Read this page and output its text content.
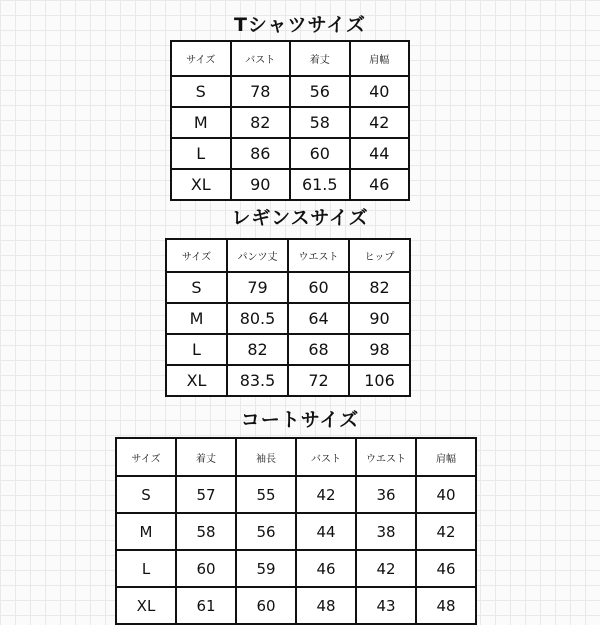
Tシャツサイズ
サイズ	バスト	着丈	肩幅
S	78	56	40
M	82	58	42
L	86	60	44
XL	90	61.5	46
レギンスサイズ
サイズ	パンツ丈	ウエスト	ヒップ
S	79	60	82
M	80.5	64	90
L	82	68	98
XL	83.5	72	106
コートサイズ
サイズ	着丈	袖長	バスト	ウエスト	肩幅
S	57	55	42	36	40
M	58	56	44	38	42
L	60	59	46	42	46
XL	61	60	48	43	48
